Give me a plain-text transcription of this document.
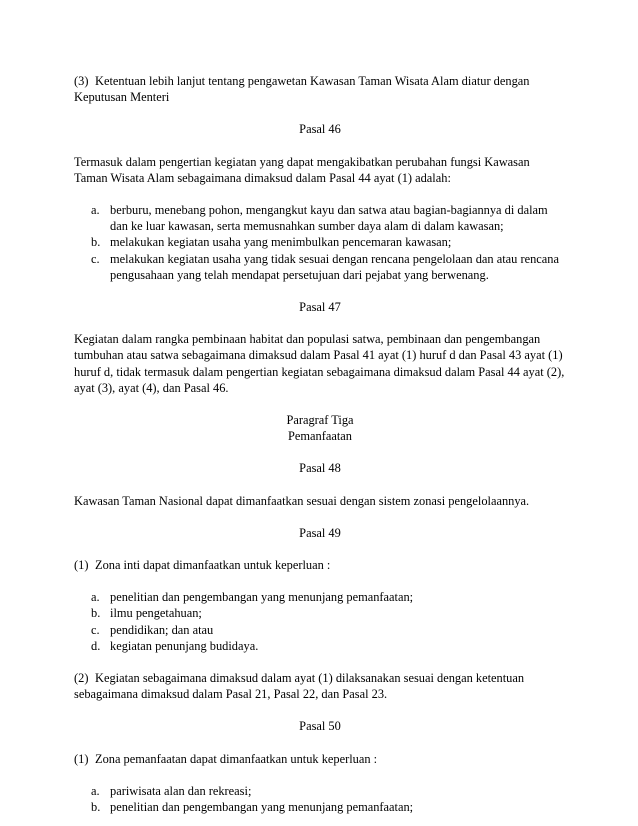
(3) Ketentuan lebih lanjut tentang pengawetan Kawasan Taman Wisata Alam diatur dengan Keputusan Menteri

Pasal 46

Termasuk dalam pengertian kegiatan yang dapat mengakibatkan perubahan fungsi Kawasan Taman Wisata Alam sebagaimana dimaksud dalam Pasal 44 ayat (1) adalah:

a. berburu, menebang pohon, mengangkut kayu dan satwa atau bagian-bagiannya di dalam dan ke luar kawasan, serta memusnahkan sumber daya alam di dalam kawasan;
b. melakukan kegiatan usaha yang menimbulkan pencemaran kawasan;
c. melakukan kegiatan usaha yang tidak sesuai dengan rencana pengelolaan dan atau rencana pengusahaan yang telah mendapat persetujuan dari pejabat yang berwenang.

Pasal 47

Kegiatan dalam rangka pembinaan habitat dan populasi satwa, pembinaan dan pengembangan tumbuhan atau satwa sebagaimana dimaksud dalam Pasal 41 ayat (1) huruf d dan Pasal 43 ayat (1) huruf d, tidak termasuk dalam pengertian kegiatan sebagaimana dimaksud dalam Pasal 44 ayat (2), ayat (3), ayat (4), dan Pasal 46.

Paragraf Tiga

Pemanfaatan

Pasal 48

Kawasan Taman Nasional dapat dimanfaatkan sesuai dengan sistem zonasi pengelolaannya.

Pasal 49

(1) Zona inti dapat dimanfaatkan untuk keperluan :

a. penelitian dan pengembangan yang menunjang pemanfaatan;
b. ilmu pengetahuan;
c. pendidikan; dan atau
d. kegiatan penunjang budidaya.

(2) Kegiatan sebagaimana dimaksud dalam ayat (1) dilaksanakan sesuai dengan ketentuan sebagaimana dimaksud dalam Pasal 21, Pasal 22, dan Pasal 23.

Pasal 50

(1) Zona pemanfaatan dapat dimanfaatkan untuk keperluan :

a. pariwisata alan dan rekreasi;
b. penelitian dan pengembangan yang menunjang pemanfaatan;
